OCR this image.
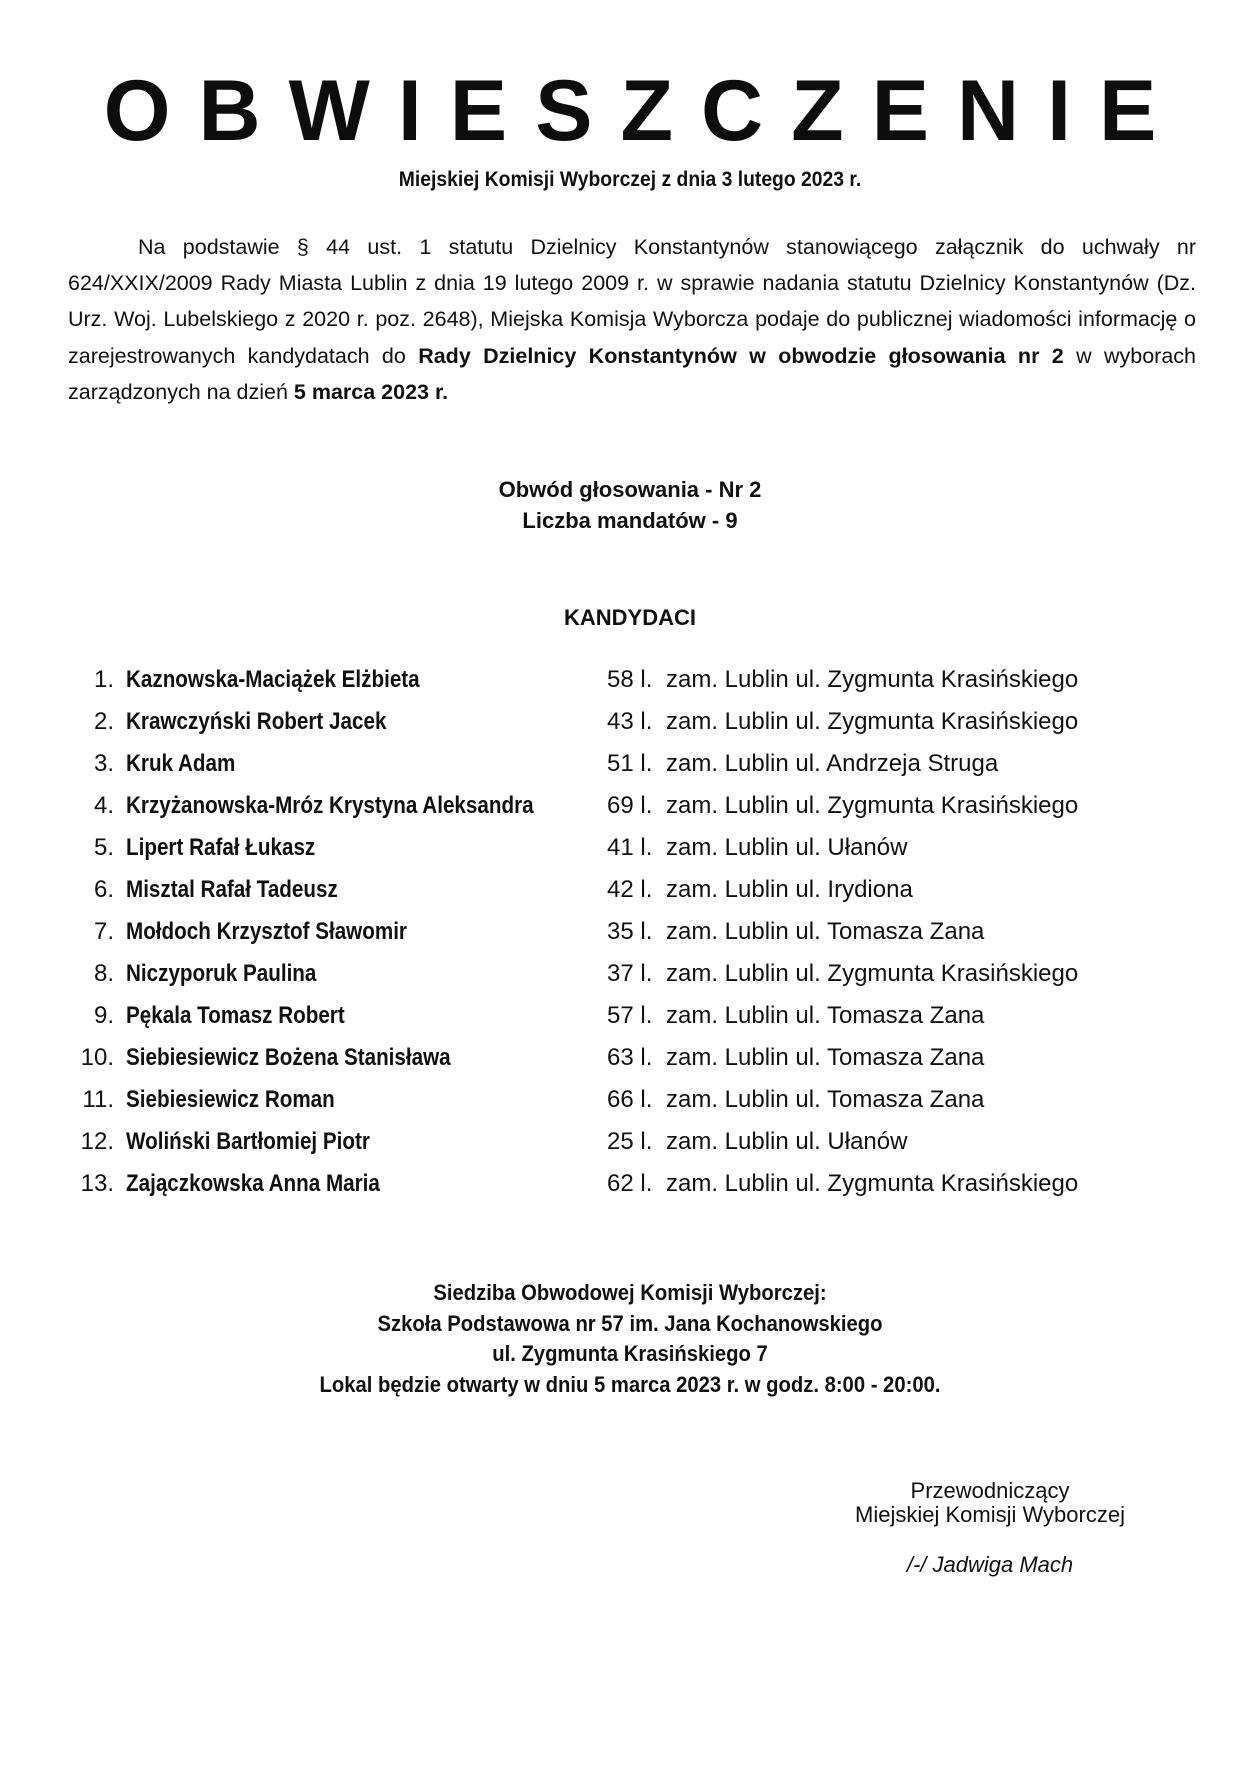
OBWIESZCZENIE
Miejskiej Komisji Wyborczej z dnia 3 lutego 2023 r.

Na podstawie § 44 ust. 1 statutu Dzielnicy Konstantynów stanowiącego załącznik do uchwały nr 624/XXIX/2009 Rady Miasta Lublin z dnia 19 lutego 2009 r. w sprawie nadania statutu Dzielnicy Konstantynów (Dz. Urz. Woj. Lubelskiego z 2020 r. poz. 2648), Miejska Komisja Wyborcza podaje do publicznej wiadomości informację o zarejestrowanych kandydatach do Rady Dzielnicy Konstantynów w obwodzie głosowania nr 2 w wyborach zarządzonych na dzień 5 marca 2023 r.

Obwód głosowania - Nr 2
Liczba mandatów - 9
KANDYDACI
1. Kaznowska-Maciążek Elżbieta	58 l. zam. Lublin ul. Zygmunta Krasińskiego
2. Krawczyński Robert Jacek	43 l. zam. Lublin ul. Zygmunta Krasińskiego
3. Kruk Adam	51 l. zam. Lublin ul. Andrzeja Struga
4. Krzyżanowska-Mróz Krystyna Aleksandra	69 l. zam. Lublin ul. Zygmunta Krasińskiego
5. Lipert Rafał Łukasz	41 l. zam. Lublin ul. Ułanów
6. Misztal Rafał Tadeusz	42 l. zam. Lublin ul. Irydiona
7. Mołdoch Krzysztof Sławomir	35 l. zam. Lublin ul. Tomasza Zana
8. Niczyporuk Paulina	37 l. zam. Lublin ul. Zygmunta Krasińskiego
9. Pękala Tomasz Robert	57 l. zam. Lublin ul. Tomasza Zana
10. Siebiesiewicz Bożena Stanisława	63 l. zam. Lublin ul. Tomasza Zana
11. Siebiesiewicz Roman	66 l. zam. Lublin ul. Tomasza Zana
12. Woliński Bartłomiej Piotr	25 l. zam. Lublin ul. Ułanów
13. Zajączkowska Anna Maria	62 l. zam. Lublin ul. Zygmunta Krasińskiego
Siedziba Obwodowej Komisji Wyborczej:
Szkoła Podstawowa nr 57 im. Jana Kochanowskiego
ul. Zygmunta Krasińskiego 7
Lokal będzie otwarty w dniu 5 marca 2023 r. w godz. 8:00 - 20:00.
Przewodniczący
Miejskiej Komisji Wyborczej
/-/ Jadwiga Mach
